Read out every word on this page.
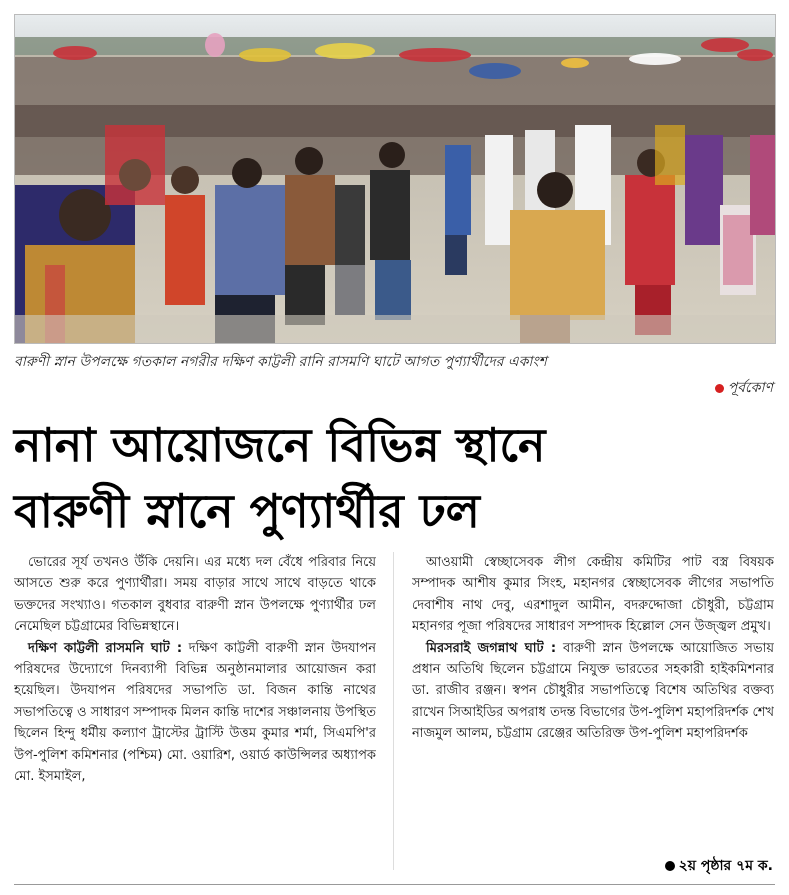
বারুণী স্নান উপলক্ষে গতকাল নগরীর দক্ষিণ কাট্টলী রানি রাসমণি ঘাটে আগত পুণ্যার্থীদের একাংশ
পূর্বকোণ
নানা আয়োজনে বিভিন্ন স্থানে
বারুণী স্নানে পুণ্যার্থীর ঢল
ভোরের সূর্য তখনও উঁকি দেয়নি। এর মধ্যে দল বেঁধে পরিবার নিয়ে আসতে শুরু করে পুণ্যার্থীরা। সময় বাড়ার সাথে সাথে বাড়তে থাকে ভক্তদের সংখ্যাও। গতকাল বুধবার বারুণী স্নান উপলক্ষে পুণ্যার্থীর ঢল নেমেছিল চট্টগ্রামের বিভিন্নস্থানে।
দক্ষিণ কাট্টলী রাসমনি ঘাট : দক্ষিণ কাট্টলী বারুণী স্নান উদযাপন পরিষদের উদ্যোগে দিনব্যাপী বিভিন্ন অনুষ্ঠানমালার আয়োজন করা হয়েছিল। উদযাপন পরিষদের সভাপতি ডা. বিজন কান্তি নাথের সভাপতিত্বে ও সাধারণ সম্পাদক মিলন কান্তি দাশের সঞ্চালনায় উপস্থিত ছিলেন হিন্দু ধর্মীয় কল্যাণ ট্রাস্টের ট্রাস্টি উত্তম কুমার শর্মা, সিএমপি'র উপ-পুলিশ কমিশনার (পশ্চিম) মো. ওয়ারিশ, ওয়ার্ড কাউন্সিলর অধ্যাপক মো. ইসমাইল,
আওয়ামী স্বেচ্ছাসেবক লীগ কেন্দ্রীয় কমিটির পাট বস্ত্র বিষয়ক সম্পাদক আশীষ কুমার সিংহ, মহানগর স্বেচ্ছাসেবক লীগের সভাপতি দেবাশীষ নাথ দেবু, এরশাদুল আমীন, বদরুদ্দোজা চৌধুরী, চট্টগ্রাম মহানগর পূজা পরিষদের সাধারণ সম্পাদক হিল্লোল সেন উজ্জ্বল প্রমুখ।
মিরসরাই জগন্নাথ ঘাট : বারুণী স্নান উপলক্ষে আয়োজিত সভায় প্রধান অতিথি ছিলেন চট্টগ্রামে নিযুক্ত ভারতের সহকারী হাইকমিশনার ডা. রাজীব রঞ্জন। স্বপন চৌধুরীর সভাপতিত্বে বিশেষ অতিথির বক্তব্য রাখেন সিআইডির অপরাধ তদন্ত বিভাগের উপ-পুলিশ মহাপরিদর্শক শেখ নাজমুল আলম, চট্টগ্রাম রেঞ্জের অতিরিক্ত উপ-পুলিশ মহাপরিদর্শক
২য় পৃষ্ঠার ৭ম ক.
